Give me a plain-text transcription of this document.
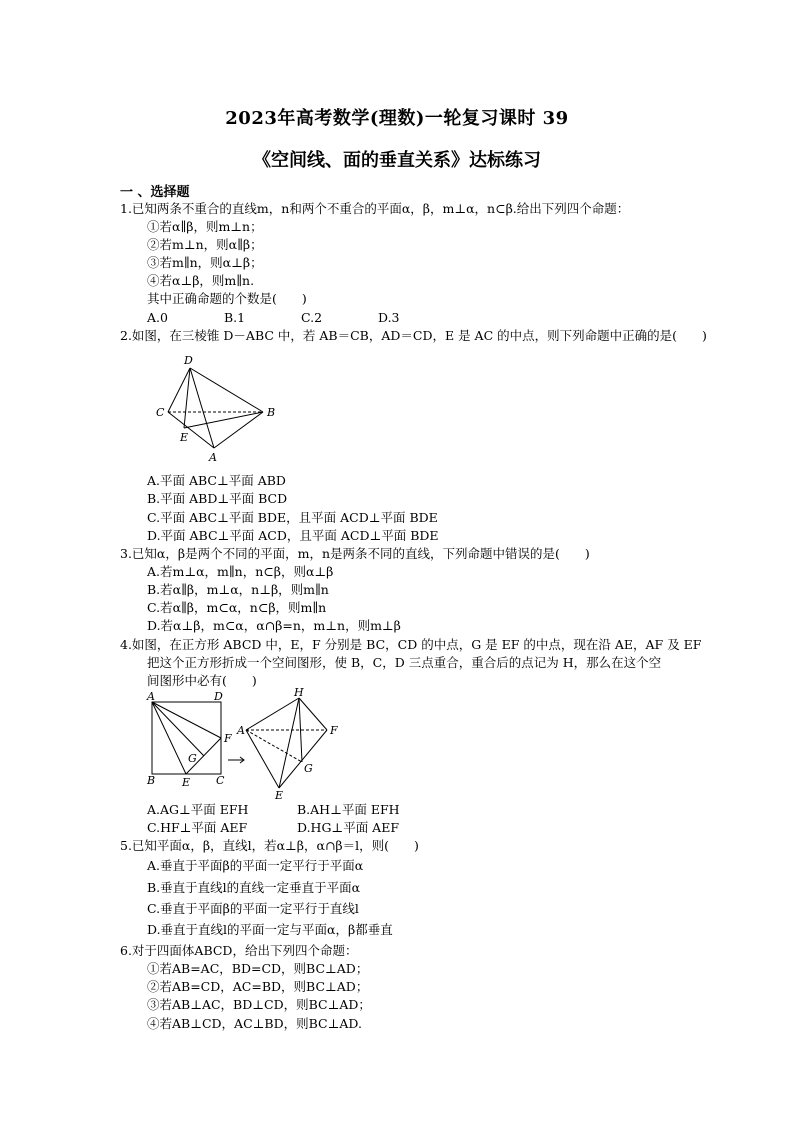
2023年高考数学(理数)一轮复习课时 39
《空间线、面的垂直关系》达标练习
一 、选择题
1.已知两条不重合的直线m，n和两个不重合的平面α，β，m⊥α，n⊂β.给出下列四个命题：
①若α∥β，则m⊥n；
②若m⊥n，则α∥β；
③若m∥n，则α⊥β；
④若α⊥β，则m∥n.
其中正确命题的个数是(　　)
A.0	B.1	C.2	D.3
2.如图，在三棱锥 D－ABC 中，若 AB＝CB，AD＝CD，E 是 AC 的中点，则下列命题中正确的是(　　)
D
C	B
E
A
A.平面 ABC⊥平面 ABD
B.平面 ABD⊥平面 BCD
C.平面 ABC⊥平面 BDE，且平面 ACD⊥平面 BDE
D.平面 ABC⊥平面 ACD，且平面 ACD⊥平面 BDE
3.已知α，β是两个不同的平面，m，n是两条不同的直线，下列命题中错误的是(　　)
A.若m⊥α，m∥n，n⊂β，则α⊥β
B.若α∥β，m⊥α，n⊥β，则m∥n
C.若α∥β，m⊂α，n⊂β，则m∥n
D.若α⊥β，m⊂α，α∩β=n，m⊥n，则m⊥β
4.如图，在正方形 ABCD 中，E，F 分别是 BC，CD 的中点，G 是 EF 的中点，现在沿 AE，AF 及 EF
把这个正方形折成一个空间图形，使 B，C，D 三点重合，重合后的点记为 H，那么在这个空
间图形中必有(　　)
A	D
F
G
B E C
H
A	F
G
E
A.AG⊥平面 EFH	B.AH⊥平面 EFH
C.HF⊥平面 AEF	D.HG⊥平面 AEF
5.已知平面α，β，直线l，若α⊥β，α∩β＝l，则(　　)
A.垂直于平面β的平面一定平行于平面α
B.垂直于直线l的直线一定垂直于平面α
C.垂直于平面β的平面一定平行于直线l
D.垂直于直线l的平面一定与平面α，β都垂直
6.对于四面体ABCD，给出下列四个命题：
①若AB=AC，BD=CD，则BC⊥AD；
②若AB=CD，AC=BD，则BC⊥AD；
③若AB⊥AC，BD⊥CD，则BC⊥AD；
④若AB⊥CD，AC⊥BD，则BC⊥AD.
